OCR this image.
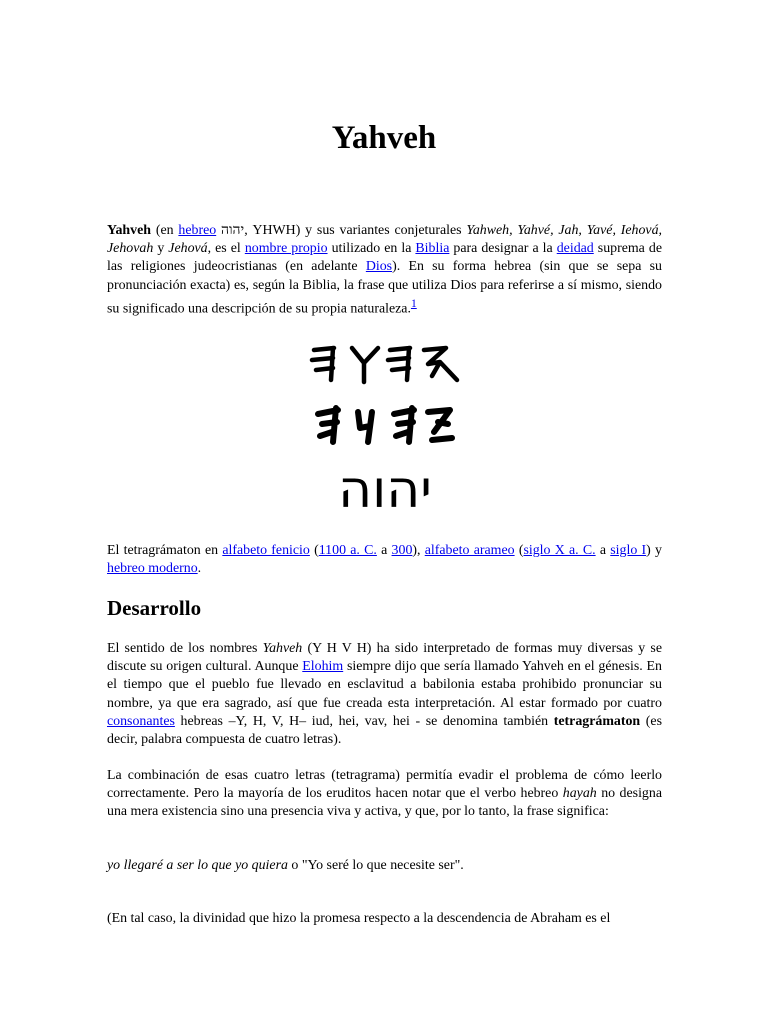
Yahveh

Yahveh (en hebreo יהוה, YHWH) y sus variantes conjeturales Yahweh, Yahvé, Jah, Yavé, Iehová, Jehovah y Jehová, es el nombre propio utilizado en la Biblia para designar a la deidad suprema de las religiones judeocristianas (en adelante Dios). En su forma hebrea (sin que se sepa su pronunciación exacta) es, según la Biblia, la frase que utiliza Dios para referirse a sí mismo, siendo su significado una descripción de su propia naturaleza.$^1$

יהוה

El tetragrámaton en alfabeto fenicio (1100 a. C. a 300), alfabeto arameo (siglo X a. C. a siglo I) y hebreo moderno.

Desarrollo

El sentido de los nombres Yahveh (Y H V H) ha sido interpretado de formas muy diversas y se discute su origen cultural. Aunque Elohim siempre dijo que sería llamado Yahveh en el génesis. En el tiempo que el pueblo fue llevado en esclavitud a babilonia estaba prohibido pronunciar su nombre, ya que era sagrado, así que fue creada esta interpretación. Al estar formado por cuatro consonantes hebreas –Y, H, V, H– iud, hei, vav, hei - se denomina también tetragrámaton (es decir, palabra compuesta de cuatro letras).

La combinación de esas cuatro letras (tetragrama) permitía evadir el problema de cómo leerlo correctamente. Pero la mayoría de los eruditos hacen notar que el verbo hebreo hayah no designa una mera existencia sino una presencia viva y activa, y que, por lo tanto, la frase significa:

yo llegaré a ser lo que yo quiera o "Yo seré lo que necesite ser".

(En tal caso, la divinidad que hizo la promesa respecto a la descendencia de Abraham es el
